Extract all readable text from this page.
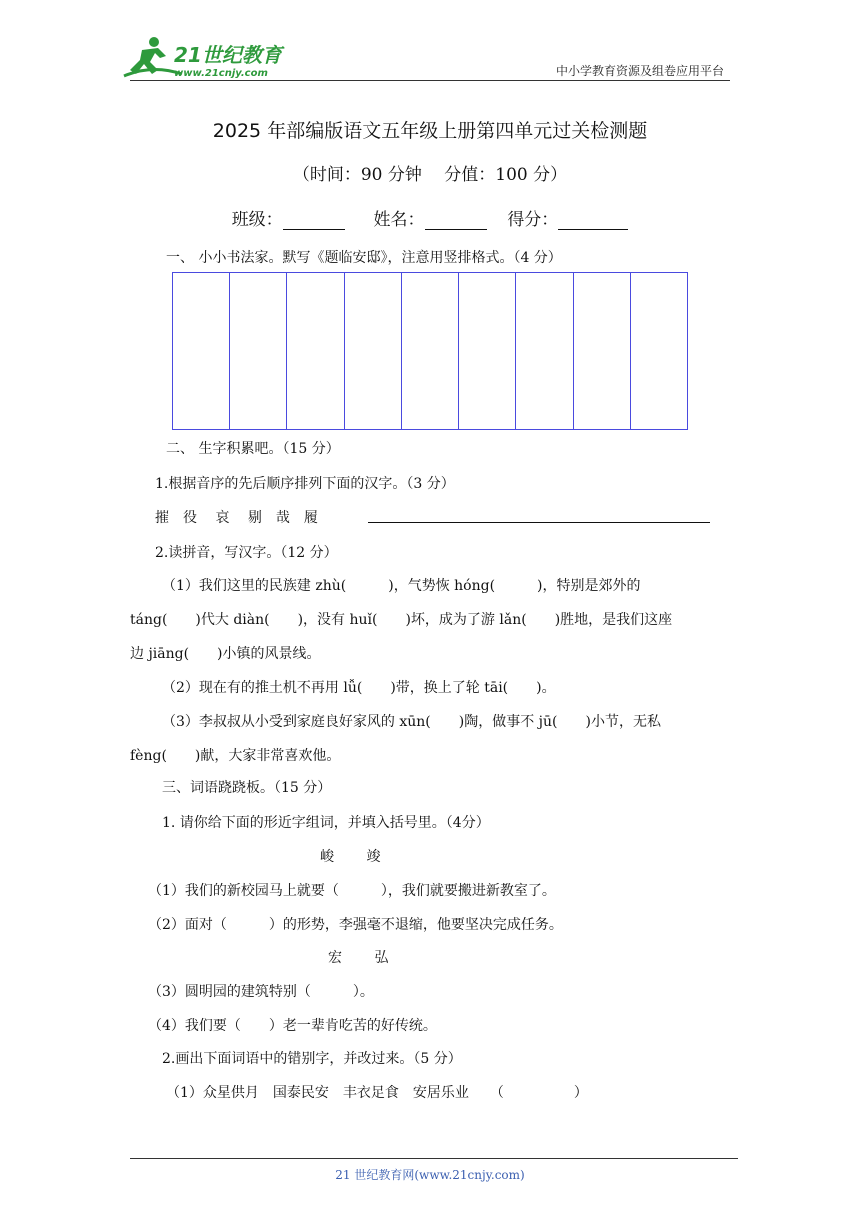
21世纪教育
www.21cnjy.com	中小学教育资源及组卷应用平台
2025 年部编版语文五年级上册第四单元过关检测题
（时间：90 分钟　 分值：100 分）
班级：	姓名：	得分：
一、 小小书法家。默写《题临安邸》，注意用竖排格式。（4 分）
二、 生字积累吧。（15 分）
1.根据音序的先后顺序排列下面的汉字。（3 分）
摧　役　 哀　 剔　哉　履
2.读拼音，写汉字。（12 分）
（1）我们这里的民族建 zhù(　　　)，气势恢 hóng(　　　)，特别是郊外的
táng(　　)代大 diàn(　　)，没有 huǐ(　　)坏，成为了游 lǎn(　　)胜地，是我们这座
边 jiāng(　　)小镇的风景线。
（2）现在有的推土机不再用 lǚ(　　)带，换上了轮 tāi(　　)。
（3）李叔叔从小受到家庭良好家风的 xūn(　　)陶，做事不 jū(　　)小节，无私
fèng(　　)献，大家非常喜欢他。
三、词语跷跷板。（15 分）
1. 请你给下面的形近字组词，并填入括号里。（4分）
峻　　 竣
（1）我们的新校园马上就要（　　　），我们就要搬进新教室了。
（2）面对（　　　）的形势，李强毫不退缩，他要坚决完成任务。
宏　　 弘
（3）圆明园的建筑特别（　　　）。
（4）我们要（　　）老一辈肯吃苦的好传统。
2.画出下面词语中的错别字，并改过来。（5 分）
（1）众星供月　国泰民安　丰衣足食　安居乐业　　（　　　　　）
21 世纪教育网(www.21cnjy.com)
